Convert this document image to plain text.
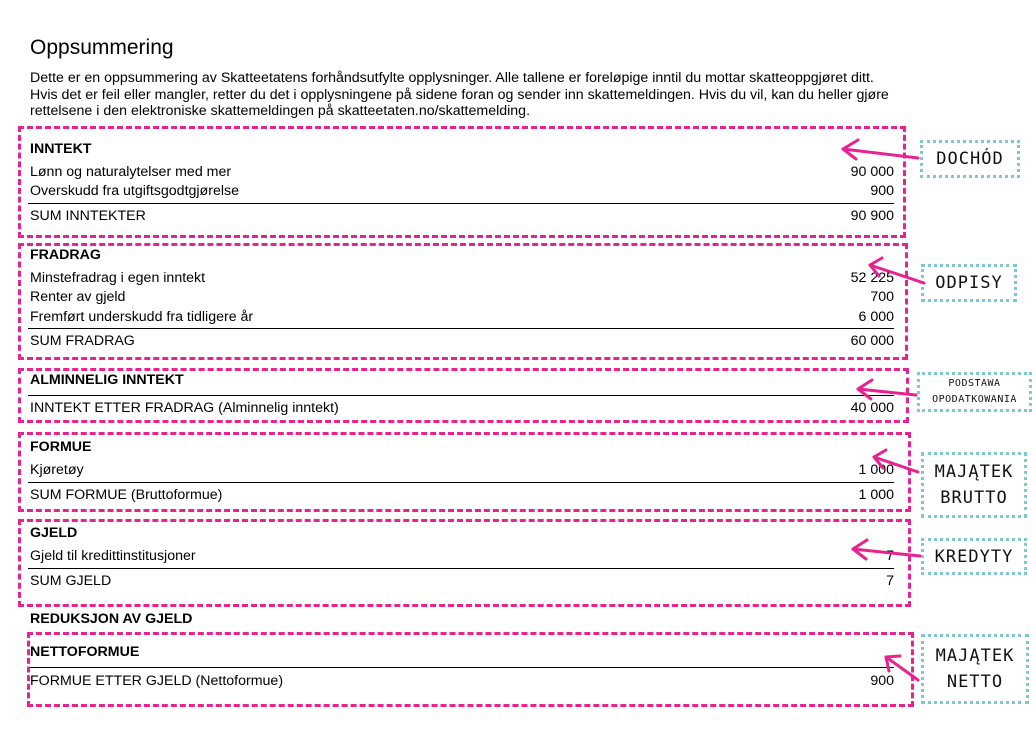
Oppsummering
Dette er en oppsummering av Skatteetatens forhåndsutfylte opplysninger. Alle tallene er foreløpige inntil du mottar skatteoppgjøret ditt. Hvis det er feil eller mangler, retter du det i opplysningene på sidene foran og sender inn skattemeldingen. Hvis du vil, kan du heller gjøre rettelsene i den elektroniske skattemeldingen på skatteetaten.no/skattemelding.
INNTEKT
Lønn og naturalytelser med mer	90 000
Overskudd fra utgiftsgodtgjørelse	900
SUM INNTEKTER	90 900
FRADRAG
Minstefradrag i egen inntekt	52 225
Renter av gjeld	700
Fremført underskudd fra tidligere år	6 000
SUM FRADRAG	60 000
ALMINNELIG INNTEKT
INNTEKT ETTER FRADRAG (Alminnelig inntekt)	40 000
FORMUE
Kjøretøy	1 000
SUM FORMUE (Bruttoformue)	1 000
GJELD
Gjeld til kredittinstitusjoner	7
SUM GJELD	7
REDUKSJON AV GJELD
NETTOFORMUE
FORMUE ETTER GJELD (Nettoformue)	900
DOCHÓD
ODPISY
PODSTAWA
OPODATKOWANIA
MAJĄTEK
BRUTTO
KREDYTY
MAJĄTEK
NETTO
